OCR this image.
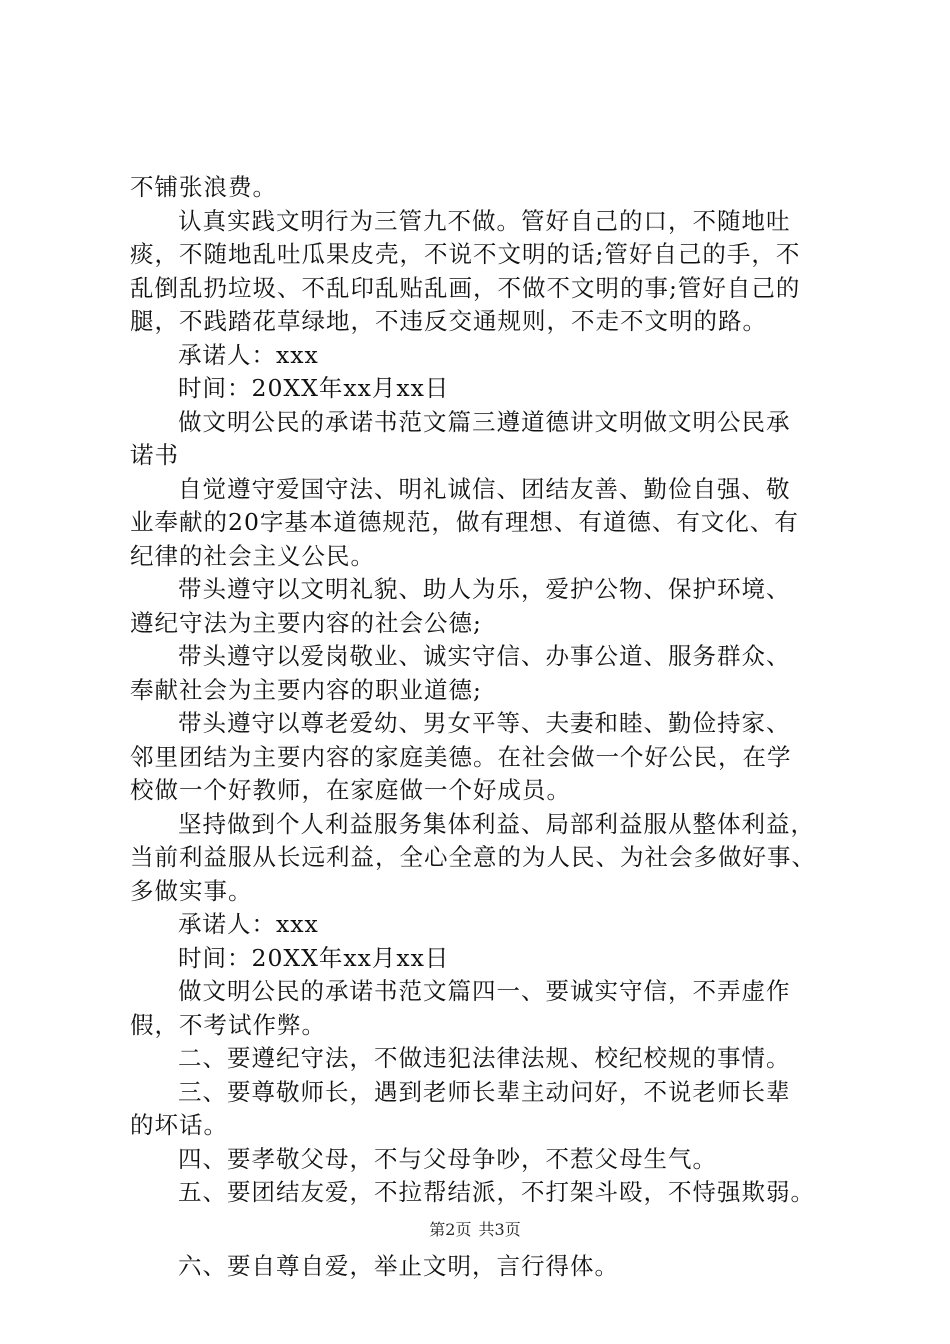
不铺张浪费。
认真实践文明行为三管九不做。管好自己的口，不随地吐
痰，不随地乱吐瓜果皮壳，不说不文明的话;管好自己的手，不
乱倒乱扔垃圾、不乱印乱贴乱画，不做不文明的事;管好自己的
腿，不践踏花草绿地，不违反交通规则，不走不文明的路。
承诺人：xxx
时间：20XX年xx月xx日
做文明公民的承诺书范文篇三遵道德讲文明做文明公民承
诺书
自觉遵守爱国守法、明礼诚信、团结友善、勤俭自强、敬
业奉献的20字基本道德规范，做有理想、有道德、有文化、有
纪律的社会主义公民。
带头遵守以文明礼貌、助人为乐，爱护公物、保护环境、
遵纪守法为主要内容的社会公德;
带头遵守以爱岗敬业、诚实守信、办事公道、服务群众、
奉献社会为主要内容的职业道德;
带头遵守以尊老爱幼、男女平等、夫妻和睦、勤俭持家、
邻里团结为主要内容的家庭美德。在社会做一个好公民，在学
校做一个好教师，在家庭做一个好成员。
坚持做到个人利益服务集体利益、局部利益服从整体利益，
当前利益服从长远利益，全心全意的为人民、为社会多做好事、
多做实事。
承诺人：xxx
时间：20XX年xx月xx日
做文明公民的承诺书范文篇四一、要诚实守信，不弄虚作
假，不考试作弊。
二、要遵纪守法，不做违犯法律法规、校纪校规的事情。
三、要尊敬师长，遇到老师长辈主动问好，不说老师长辈
的坏话。
四、要孝敬父母，不与父母争吵，不惹父母生气。
五、要团结友爱，不拉帮结派，不打架斗殴，不恃强欺弱。
六、要自尊自爱，举止文明，言行得体。
第2页 共3页
